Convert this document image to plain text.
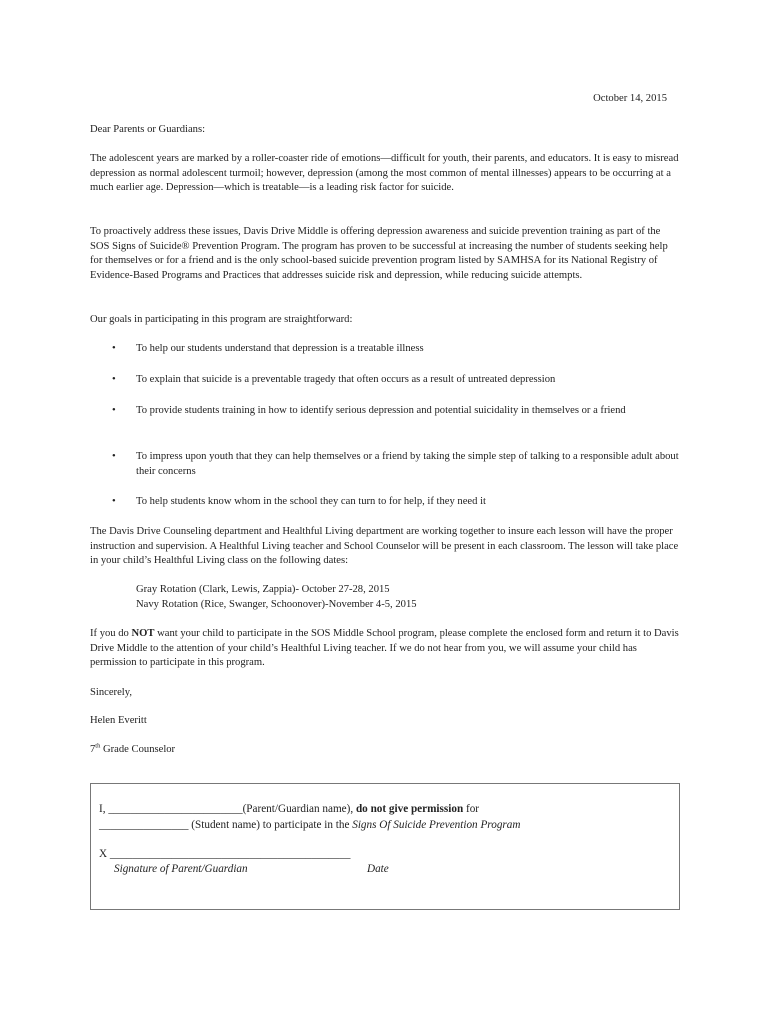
October 14, 2015

Dear Parents or Guardians:

The adolescent years are marked by a roller-coaster ride of emotions—difficult for youth, their parents, and educators. It is easy to misread depression as normal adolescent turmoil; however, depression (among the most common of mental illnesses) appears to be occurring at a much earlier age. Depression—which is treatable—is a leading risk factor for suicide.

To proactively address these issues, Davis Drive Middle is offering depression awareness and suicide prevention training as part of the SOS Signs of Suicide® Prevention Program. The program has proven to be successful at increasing the number of students seeking help for themselves or for a friend and is the only school-based suicide prevention program listed by SAMHSA for its National Registry of Evidence-Based Programs and Practices that addresses suicide risk and depression, while reducing suicide attempts.

Our goals in participating in this program are straightforward:

• To help our students understand that depression is a treatable illness
• To explain that suicide is a preventable tragedy that often occurs as a result of untreated depression
• To provide students training in how to identify serious depression and potential suicidality in themselves or a friend
• To impress upon youth that they can help themselves or a friend by taking the simple step of talking to a responsible adult about their concerns
• To help students know whom in the school they can turn to for help, if they need it

The Davis Drive Counseling department and Healthful Living department are working together to insure each lesson will have the proper instruction and supervision. A Healthful Living teacher and School Counselor will be present in each classroom. The lesson will take place in your child’s Healthful Living class on the following dates:

Gray Rotation (Clark, Lewis, Zappia)- October 27-28, 2015
Navy Rotation (Rice, Swanger, Schoonover)-November 4-5, 2015

If you do NOT want your child to participate in the SOS Middle School program, please complete the enclosed form and return it to Davis Drive Middle to the attention of your child’s Healthful Living teacher. If we do not hear from you, we will assume your child has permission to participate in this program.

Sincerely,

Helen Everitt

7th Grade Counselor

I, ________________________(Parent/Guardian name), do not give permission for
________________ (Student name) to participate in the Signs Of Suicide Prevention Program
X ___________________________________________
Signature of Parent/Guardian	Date
